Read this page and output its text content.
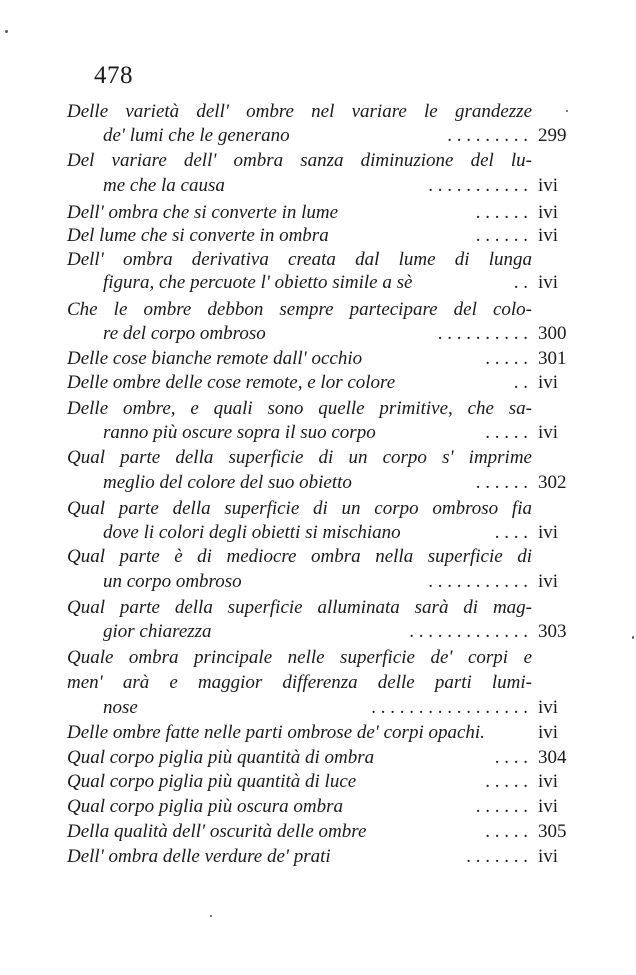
478
Delle varietà dell' ombre nel variare le grandezze
de' lumi che le generano	. . . . . . . . . 299
Del variare dell' ombra sanza diminuzione del lu-
me che la causa	. . . . . . . . . . . ivi
Dell' ombra che si converte in lume	. . . . . . ivi
Del lume che si converte in ombra	. . . . . . ivi
Dell' ombra derivativa creata dal lume di lunga
figura, che percuote l' obietto simile a sè	. . ivi
Che le ombre debbon sempre partecipare del colo-
re del corpo ombroso	. . . . . . . . . . 300
Delle cose bianche remote dall' occhio	. . . . . 301
Delle ombre delle cose remote, e lor colore	. . ivi
Delle ombre, e quali sono quelle primitive, che sa-
ranno più oscure sopra il suo corpo	. . . . . ivi
Qual parte della superficie di un corpo s' imprime
meglio del colore del suo obietto	. . . . . . 302
Qual parte della superficie di un corpo ombroso fia
dove li colori degli obietti si mischiano	. . . . ivi
Qual parte è di mediocre ombra nella superficie di
un corpo ombroso	. . . . . . . . . . . ivi
Qual parte della superficie alluminata sarà di mag-
gior chiarezza	. . . . . . . . . . . . . 303
Quale ombra principale nelle superficie de' corpi e
men' arà e maggior differenza delle parti lumi-
nose	. . . . . . . . . . . . . . . . . ivi
Delle ombre fatte nelle parti ombrose de' corpi opachi.	ivi
Qual corpo piglia più quantità di ombra	. . . . 304
Qual corpo piglia più quantità di luce	. . . . . ivi
Qual corpo piglia più oscura ombra	. . . . . . ivi
Della qualità dell' oscurità delle ombre	. . . . . 305
Dell' ombra delle verdure de' prati	. . . . . . . ivi
